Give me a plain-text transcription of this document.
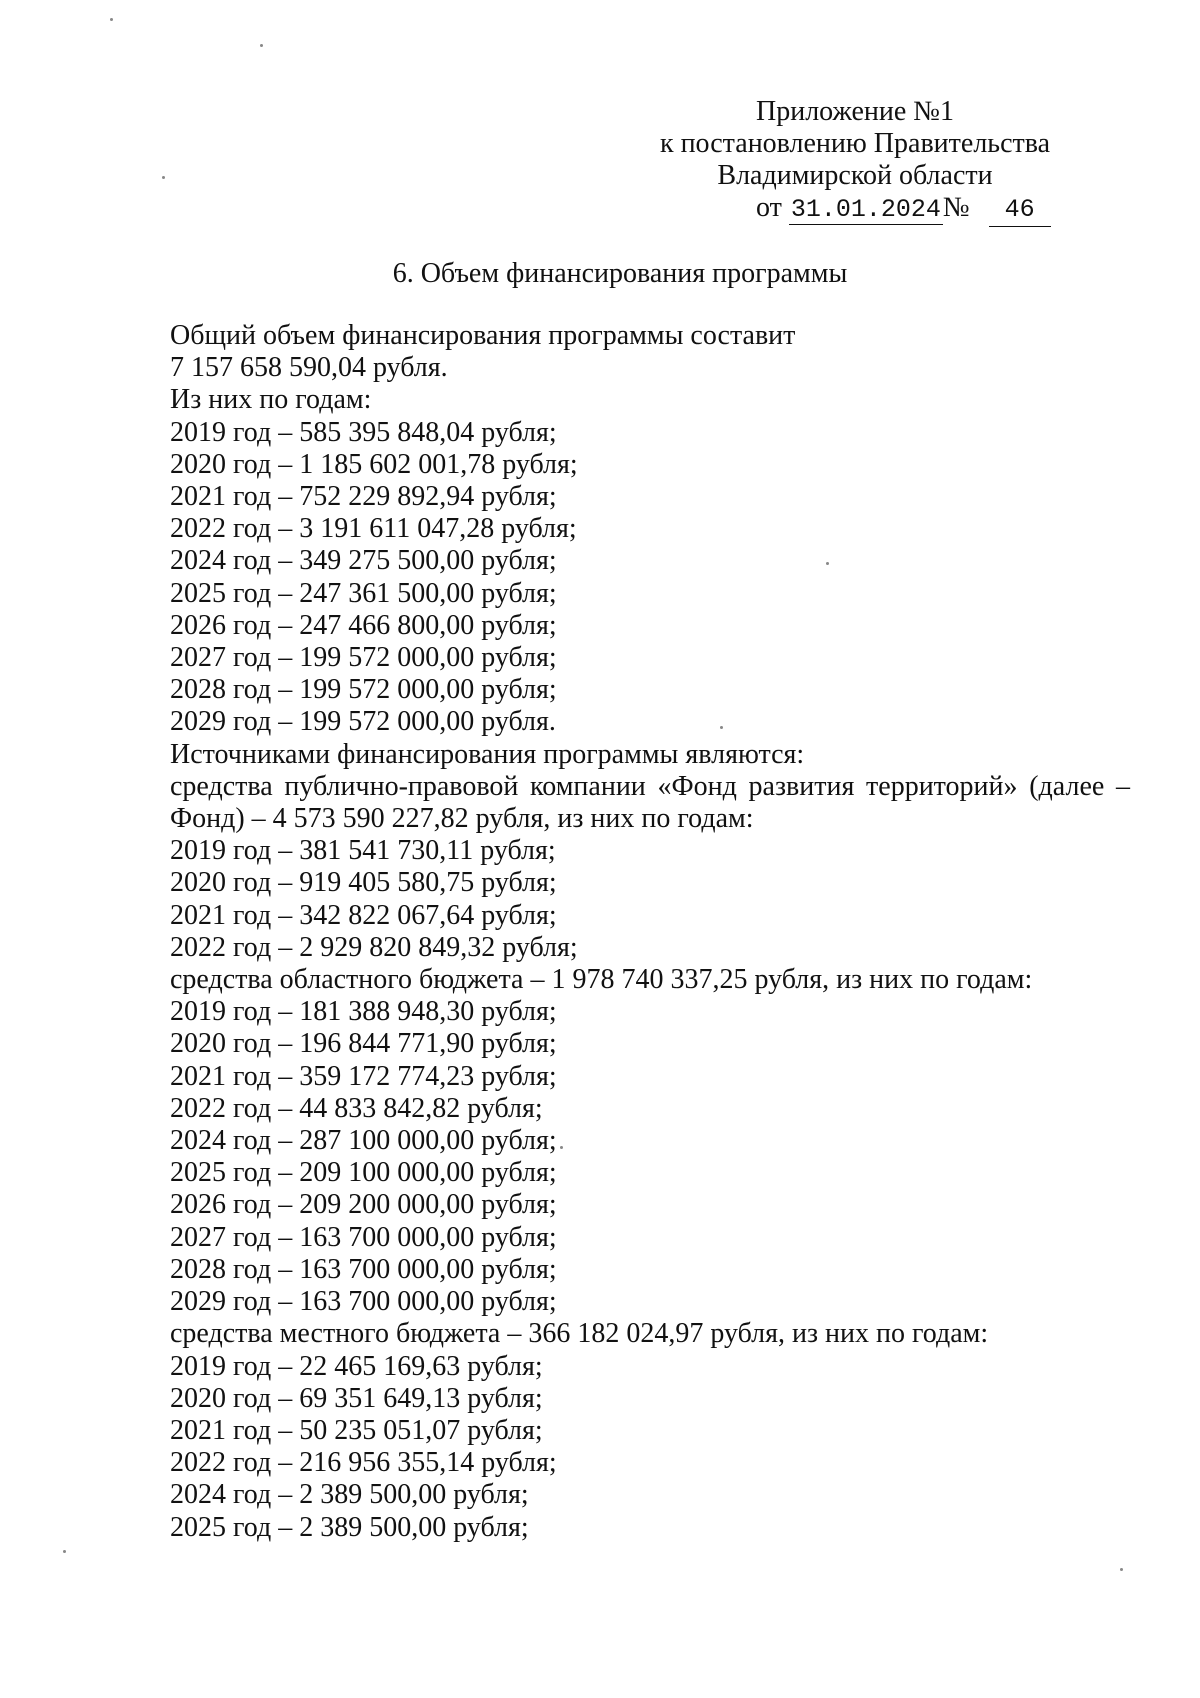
Приложение №1
к постановлению Правительства
Владимирской области
от 31.01.2024№ 46
6. Объем финансирования программы
Общий объем финансирования программы составит
7 157 658 590,04 рубля.
Из них по годам:
2019 год – 585 395 848,04 рубля;
2020 год – 1 185 602 001,78 рубля;
2021 год – 752 229 892,94 рубля;
2022 год – 3 191 611 047,28 рубля;
2024 год – 349 275 500,00 рубля;
2025 год – 247 361 500,00 рубля;
2026 год – 247 466 800,00 рубля;
2027 год – 199 572 000,00 рубля;
2028 год – 199 572 000,00 рубля;
2029 год – 199 572 000,00 рубля.
Источниками финансирования программы являются:
средства публично-правовой компании «Фонд развития территорий» (далее –
Фонд) – 4 573 590 227,82 рубля, из них по годам:
2019 год – 381 541 730,11 рубля;
2020 год – 919 405 580,75 рубля;
2021 год – 342 822 067,64 рубля;
2022 год – 2 929 820 849,32 рубля;
средства областного бюджета – 1 978 740 337,25 рубля, из них по годам:
2019 год – 181 388 948,30 рубля;
2020 год – 196 844 771,90 рубля;
2021 год – 359 172 774,23 рубля;
2022 год – 44 833 842,82 рубля;
2024 год – 287 100 000,00 рубля;
2025 год – 209 100 000,00 рубля;
2026 год – 209 200 000,00 рубля;
2027 год – 163 700 000,00 рубля;
2028 год – 163 700 000,00 рубля;
2029 год – 163 700 000,00 рубля;
средства местного бюджета – 366 182 024,97 рубля, из них по годам:
2019 год – 22 465 169,63 рубля;
2020 год – 69 351 649,13 рубля;
2021 год – 50 235 051,07 рубля;
2022 год – 216 956 355,14 рубля;
2024 год – 2 389 500,00 рубля;
2025 год – 2 389 500,00 рубля;
